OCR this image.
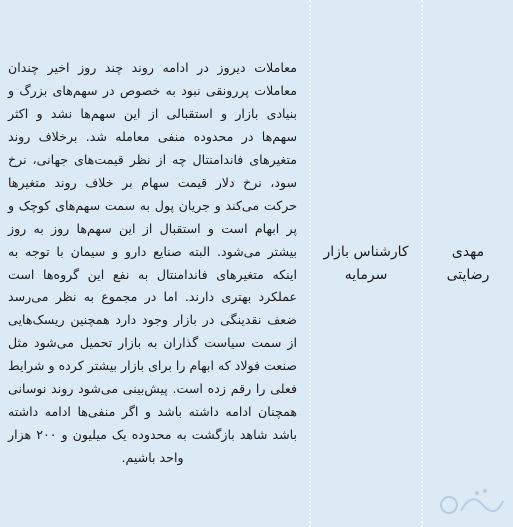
مهدی رضایتی

کارشناس بازار سرمایه

معاملات دیروز در ادامه روند چند روز اخیر چندان معاملات پررونقی نبود به خصوص در سهم‌های بزرگ و بنیادی بازار و استقبالی از این سهم‌ها نشد و اکثر سهم‌ها در محدوده منفی معامله شد. برخلاف روند متغیرهای فاندامنتال چه از نظر قیمت‌های جهانی، نرخ سود، نرخ دلار قیمت سهام بر خلاف روند متغیرها حرکت می‌کند و جریان پول به سمت سهم‌های کوچک و پر ابهام است و استقبال از این سهم‌ها روز به روز بیشتر می‌شود. البته صنایع دارو و سیمان با توجه به اینکه متغیرهای فاندامنتال به نفع این گروه‌ها است عملکرد بهتری دارند. اما در مجموع به نظر می‌رسد ضعف نقدینگی در بازار وجود دارد همچنین ریسک‌هایی از سمت سیاست گذاران به بازار تحمیل می‌شود مثل صنعت فولاد که ابهام را برای بازار بیشتر کرده و شرایط فعلی را رقم زده است. پیش‌بینی می‌شود روند نوسانی همچنان ادامه داشته باشد و اگر منفی‌ها ادامه داشته باشد شاهد بازگشت به محدوده یک میلیون و ۲۰۰ هزار واحد باشیم.
